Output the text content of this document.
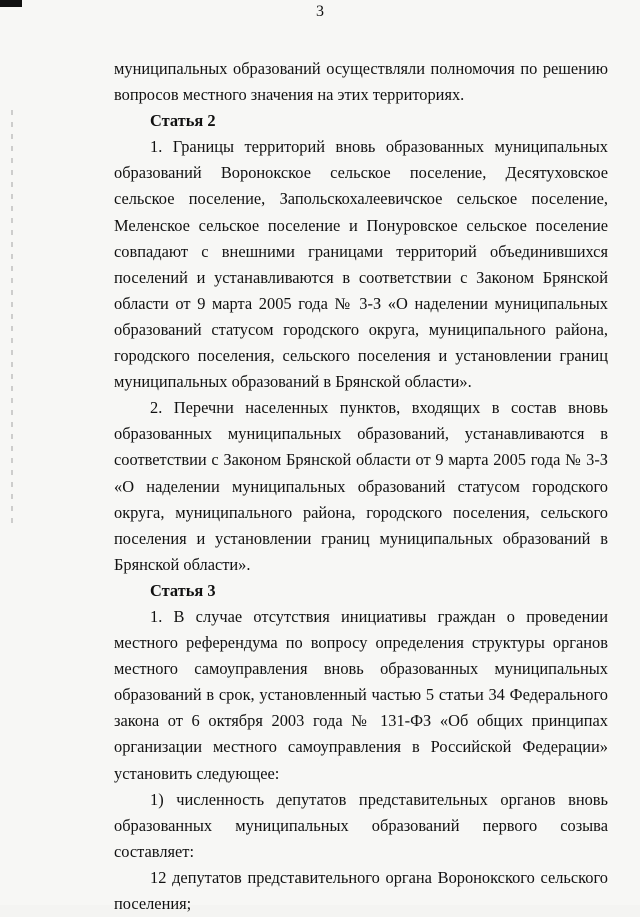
3

муниципальных образований осуществляли полномочия по решению

вопросов местного значения на этих территориях.

Статья 2

1. Границы территорий вновь образованных муниципальных образований Воронокское сельское поселение, Десятуховское сельское поселение, Запольскохалеевичское сельское поселение, Меленское сельское поселение и Понуровское сельское поселение совпадают с внешними границами территорий объединившихся поселений и устанавливаются в соответствии с Законом Брянской области от 9 марта 2005 года № 3-З «О наделении муниципальных образований статусом городского округа, муниципального района, городского поселения, сельского поселения и установлении границ муниципальных образований в Брянской области».

2. Перечни населенных пунктов, входящих в состав вновь образованных муниципальных образований, устанавливаются в соответствии с Законом Брянской области от 9 марта 2005 года № 3-З «О наделении муниципальных образований статусом городского округа, муниципального района, городского поселения, сельского поселения и установлении границ муниципальных образований в Брянской области».

Статья 3

1. В случае отсутствия инициативы граждан о проведении местного референдума по вопросу определения структуры органов местного самоуправления вновь образованных муниципальных образований в срок, установленный частью 5 статьи 34 Федерального закона от 6 октября 2003 года № 131-ФЗ «Об общих принципах организации местного самоуправления в Российской Федерации» установить следующее:

1) численность депутатов представительных органов вновь образованных муниципальных образований первого созыва составляет:

12 депутатов представительного органа Воронокского сельского поселения;
